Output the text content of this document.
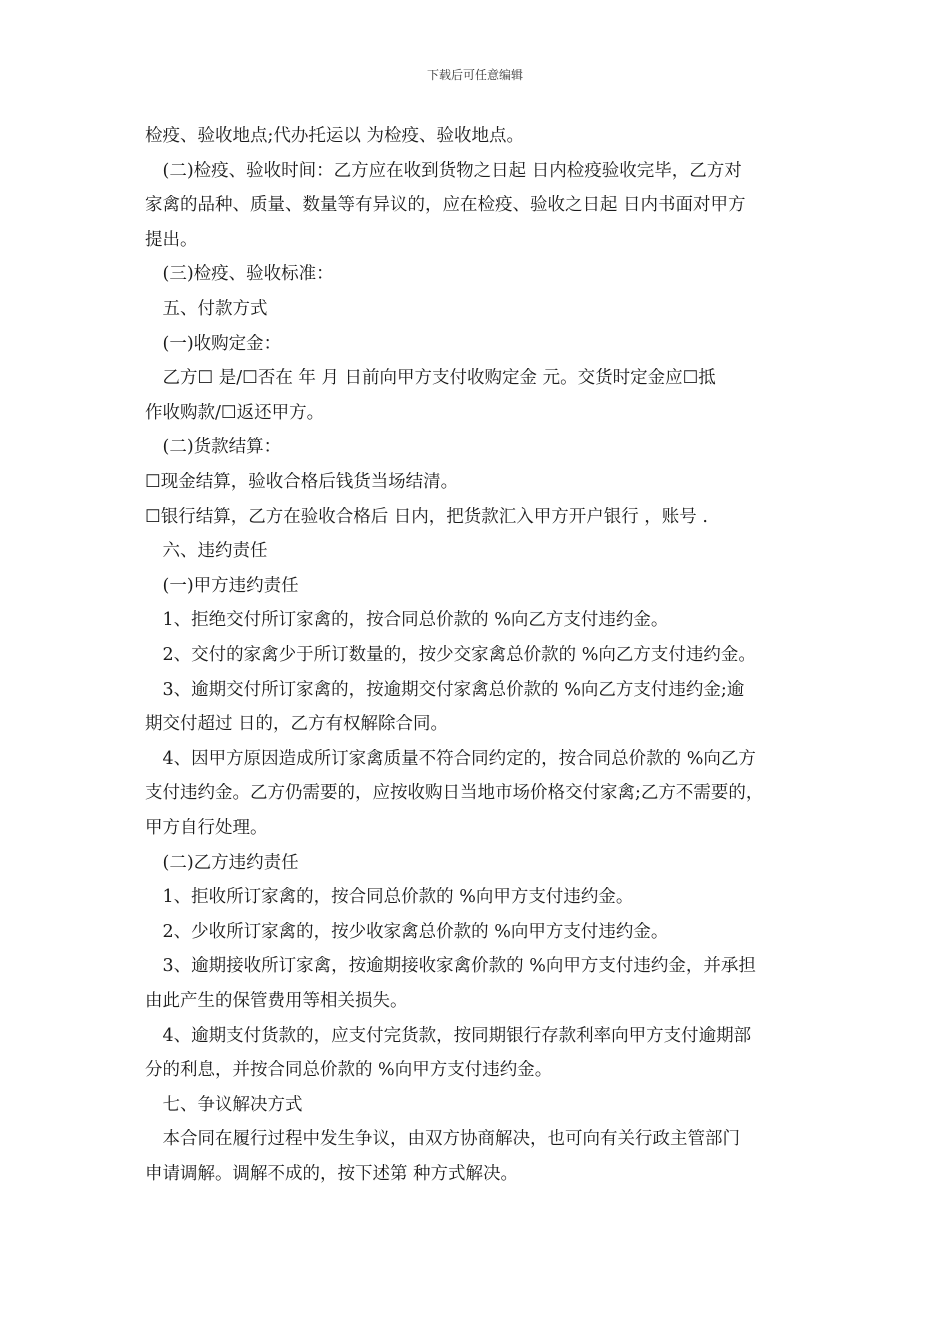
下载后可任意编辑
检疫、验收地点;代办托运以 为检疫、验收地点。
　(二)检疫、验收时间：乙方应在收到货物之日起 日内检疫验收完毕，乙方对
家禽的品种、质量、数量等有异议的，应在检疫、验收之日起 日内书面对甲方
提出。
　(三)检疫、验收标准：
　五、付款方式
　(一)收购定金：
　乙方☐ 是/☐否在 年 月 日前向甲方支付收购定金 元。交货时定金应☐抵
作收购款/☐返还甲方。
　(二)货款结算：
☐现金结算，验收合格后钱货当场结清。
☐银行结算，乙方在验收合格后 日内，把货款汇入甲方开户银行 ，账号 .
　六、违约责任
　(一)甲方违约责任
　1、拒绝交付所订家禽的，按合同总价款的 %向乙方支付违约金。
　2、交付的家禽少于所订数量的，按少交家禽总价款的 %向乙方支付违约金。
　3、逾期交付所订家禽的，按逾期交付家禽总价款的 %向乙方支付违约金;逾
期交付超过 日的，乙方有权解除合同。
　4、因甲方原因造成所订家禽质量不符合同约定的，按合同总价款的 %向乙方
支付违约金。乙方仍需要的，应按收购日当地市场价格交付家禽;乙方不需要的，
甲方自行处理。
　(二)乙方违约责任
　1、拒收所订家禽的，按合同总价款的 %向甲方支付违约金。
　2、少收所订家禽的，按少收家禽总价款的 %向甲方支付违约金。
　3、逾期接收所订家禽，按逾期接收家禽价款的 %向甲方支付违约金，并承担
由此产生的保管费用等相关损失。
　4、逾期支付货款的，应支付完货款，按同期银行存款利率向甲方支付逾期部
分的利息，并按合同总价款的 %向甲方支付违约金。
　七、争议解决方式
　本合同在履行过程中发生争议，由双方协商解决，也可向有关行政主管部门
申请调解。调解不成的，按下述第 种方式解决。
